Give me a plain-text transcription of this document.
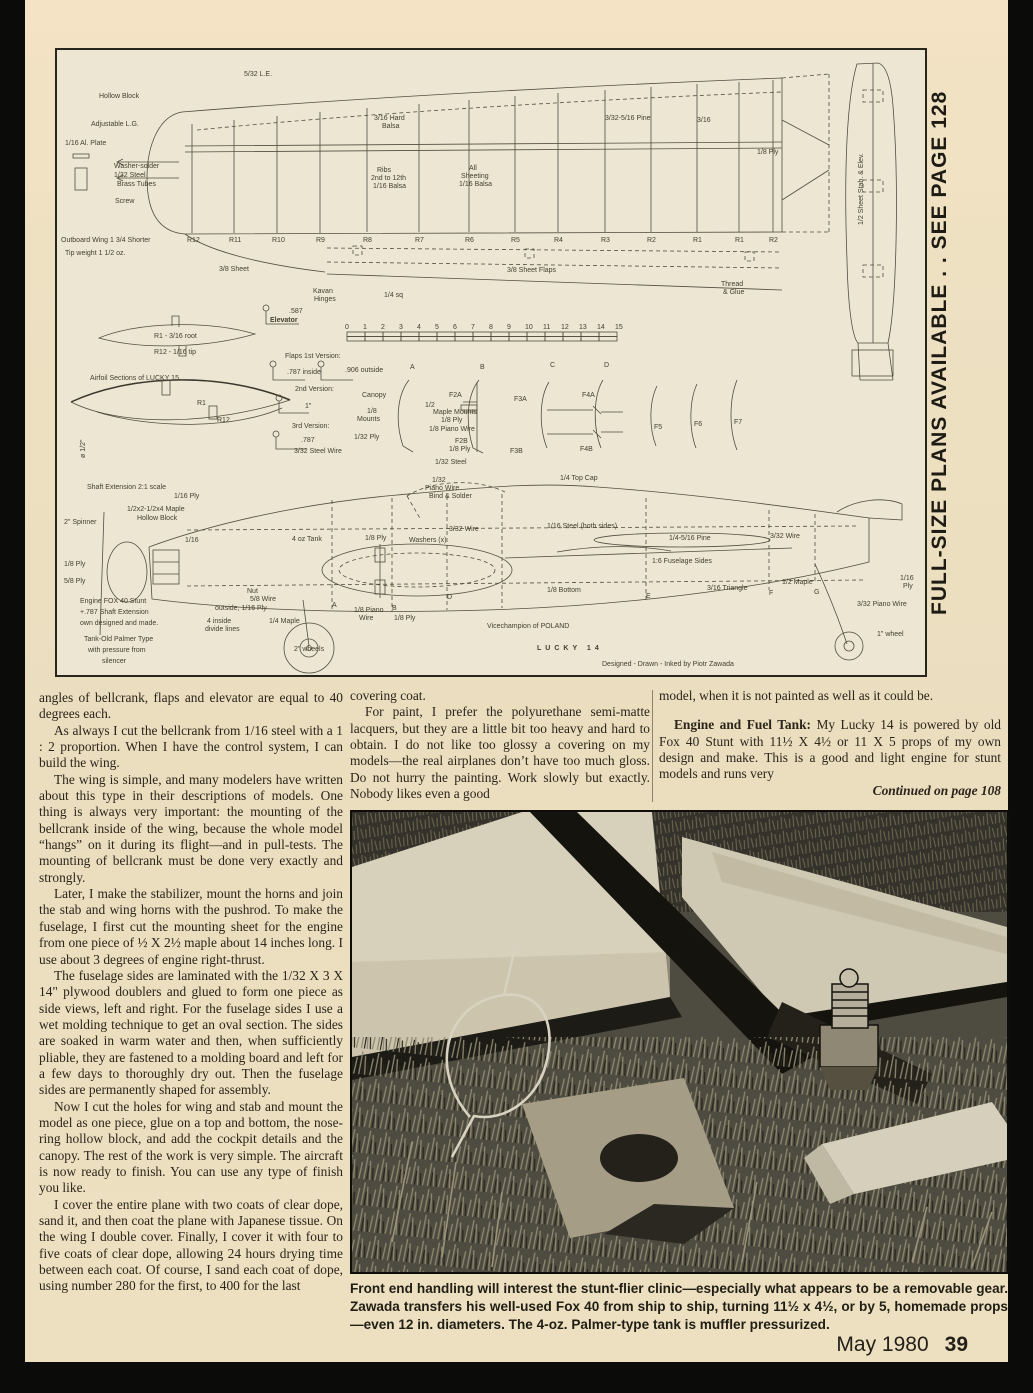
0 1 2 3 4 5 6 7 8 9 10 11 12 13 14 15
5/32 L.E.
Hollow Block
Adjustable L.G.
1/16 Al. Plate
Washer-solder
1/32 Steel
Brass Tubes
Screw
Outboard Wing 1 3/4 Shorter
Tip weight 1 1/2 oz.
3/8 Sheet
Kavan
Hinges
1/4 sq
3/16 Hard
Balsa
Ribs
2nd to 12th
1/16 Balsa
All
Sheeting
1/16 Balsa
3/32-5/16 Pine	3/16
1/8 Ply
Thread
& Glue
R12	R11	R10	R9	R8	R7	R6	R5	R4	R3	R2	R1	R1	R2
3/8 Sheet Flaps
R1 - 3/16 root
R12 - 1/16 tip
Airfoil Sections of LUCKY 15
R1
R12
Elevator
.587
Flaps 1st Version:
.787 inside	.906 outside
2nd Version:
1"
3rd Version:
.787
3/32 Steel Wire
Canopy
1/8
Mounts
1/32 Ply
A	B	C	D
F2A
1/2
Maple Mounts
1/8 Ply
1/8 Piano Wire
F2B
1/8 Ply
1/32 Steel
1/32
Piano Wire
Bind & Solder
F3A
F3B
F4A
F4B
F5	F6	F7
1/4 Top Cap
ø 1/2"
Shaft Extension 2:1 scale
1/16 Ply
1/2x2-1/2x4 Maple
Hollow Block
2" Spinner
1/8 Ply
5/8 Ply
1/16	4 oz Tank	1/8 Ply	Washers (x)
3/32 Wire	1/16 Steel (both sides)
1/4-5/16 Pine	3/32 Wire
1:6 Fuselage Sides
Nut
5/8 Wire
outside, 1/16 Ply
4 inside
divide lines
1/4 Maple
A	B
D	E	F	G
1/8 Piano
Wire	1/8 Ply
1/8 Bottom	3/16 Triangle
1/2 Maple
1/16
Ply
3/32 Piano Wire
1" wheel
2" wheels
Engine FOX 40 Stunt
+.787 Shaft Extension
own designed and made.
Tank-Old Palmer Type
with pressure from
silencer
1/2 Sheet Stab. & Elev.
Vicechampion of POLAND
LUCKY 14
Designed - Drawn - Inked by Piotr Zawada
FULL-SIZE PLANS AVAILABLE . . SEE PAGE 128

angles of bellcrank, flaps and elevator are equal to 40 degrees each.

As always I cut the bellcrank from 1/16 steel with a 1 : 2 proportion. When I have the control system, I can build the wing.

The wing is simple, and many modelers have written about this type in their descriptions of models. One thing is always very important: the mounting of the bellcrank inside of the wing, because the whole model “hangs” on it during its flight—and in pull-tests. The mounting of bellcrank must be done very exactly and strongly.

Later, I make the stabilizer, mount the horns and join the stab and wing horns with the pushrod. To make the fuselage, I first cut the mounting sheet for the engine from one piece of ½ X 2½ maple about 14 inches long. I use about 3 degrees of engine right-thrust.

The fuselage sides are laminated with the 1/32 X 3 X 14" plywood doublers and glued to form one piece as side views, left and right. For the fuselage sides I use a wet molding technique to get an oval section. The sides are soaked in warm water and then, when sufficiently pliable, they are fastened to a molding board and left for a few days to thoroughly dry out. Then the fuselage sides are permanently shaped for assembly.

Now I cut the holes for wing and stab and mount the model as one piece, glue on a top and bottom, the nose-ring hollow block, and add the cockpit details and the canopy. The rest of the work is very simple. The aircraft is now ready to finish. You can use any type of finish you like.

I cover the entire plane with two coats of clear dope, sand it, and then coat the plane with Japanese tissue. On the wing I double cover. Finally, I cover it with four to five coats of clear dope, allowing 24 hours drying time between each coat. Of course, I sand each coat of dope, using number 280 for the first, to 400 for the last

covering coat.

For paint, I prefer the polyurethane semi-matte lacquers, but they are a little bit too heavy and hard to obtain. I do not like too glossy a covering on my models—the real airplanes don’t have too much gloss. Do not hurry the painting. Work slowly but exactly. Nobody likes even a good

model, when it is not painted as well as it could be.

Engine and Fuel Tank: My Lucky 14 is powered by old Fox 40 Stunt with 11½ X 4½ or 11 X 5 props of my own design and make. This is a good and light engine for stunt models and runs very

Continued on page 108

Front end handling will interest the stunt-flier clinic—especially what appears to be a removable gear. Zawada transfers his well-used Fox 40 from ship to ship, turning 11½ x 4½, or by 5, homemade props—even 12 in. diameters. The 4-oz. Palmer-type tank is muffler pressurized.
May 1980 39
